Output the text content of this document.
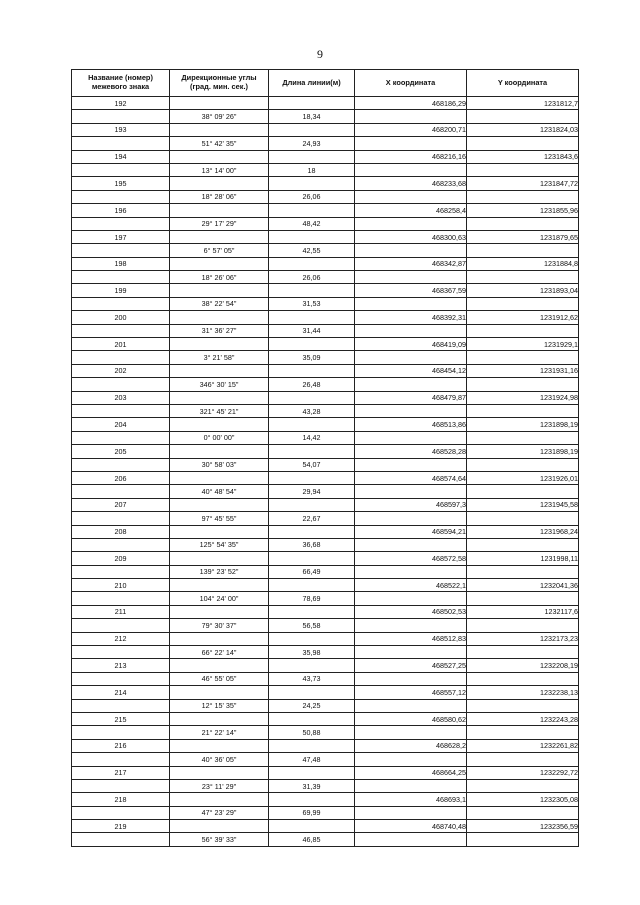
9
Название (номер) межевого знака	Дирекционные углы (град. мин. сек.)	Длина линии(м)	X координата	Y координата
192			468186,29	1231812,7
	38° 09' 26"	18,34		
193			468200,71	1231824,03
	51° 42' 35"	24,93		
194			468216,16	1231843,6
	13° 14' 00"	18		
195			468233,68	1231847,72
	18° 28' 06"	26,06		
196			468258,4	1231855,96
	29° 17' 29"	48,42		
197			468300,63	1231879,65
	6° 57' 05"	42,55		
198			468342,87	1231884,8
	18° 26' 06"	26,06		
199			468367,59	1231893,04
	38° 22' 54"	31,53		
200			468392,31	1231912,62
	31° 36' 27"	31,44		
201			468419,09	1231929,1
	3° 21' 58"	35,09		
202			468454,12	1231931,16
	346° 30' 15"	26,48		
203			468479,87	1231924,98
	321° 45' 21"	43,28		
204			468513,86	1231898,19
	0° 00' 00"	14,42		
205			468528,28	1231898,19
	30° 58' 03"	54,07		
206			468574,64	1231926,01
	40° 48' 54"	29,94		
207			468597,3	1231945,58
	97° 45' 55"	22,67		
208			468594,21	1231968,24
	125° 54' 35"	36,68		
209			468572,58	1231998,11
	139° 23' 52"	66,49		
210			468522,1	1232041,36
	104° 24' 00"	78,69		
211			468502,53	1232117,6
	79° 30' 37"	56,58		
212			468512,83	1232173,23
	66° 22' 14"	35,98		
213			468527,25	1232208,19
	46° 55' 05"	43,73		
214			468557,12	1232238,13
	12° 15' 35"	24,25		
215			468580,62	1232243,28
	21° 22' 14"	50,88		
216			468628,2	1232261,82
	40° 36' 05"	47,48		
217			468664,25	1232292,72
	23° 11' 29"	31,39		
218			468693,1	1232305,08
	47° 23' 29"	69,99		
219			468740,48	1232356,59
	56° 39' 33"	46,85		
